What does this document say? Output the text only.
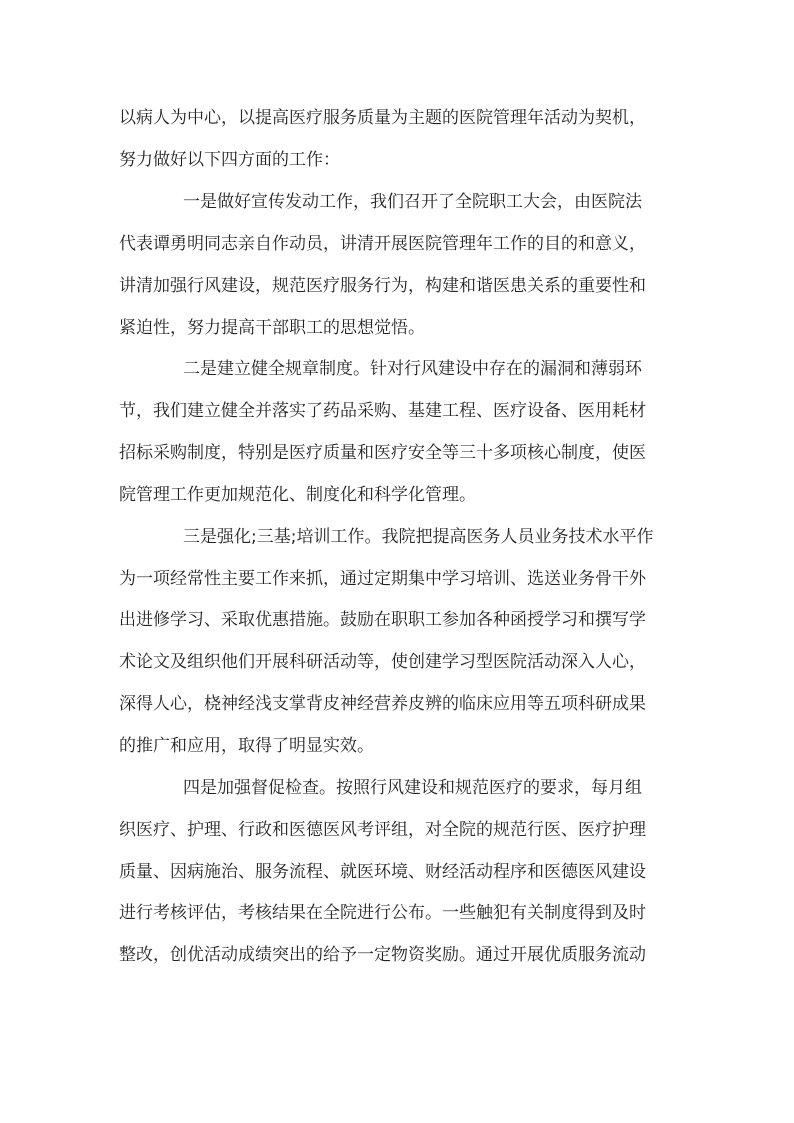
以病人为中心，以提高医疗服务质量为主题的医院管理年活动为契机，
努力做好以下四方面的工作：
一是做好宣传发动工作，我们召开了全院职工大会，由医院法
代表谭勇明同志亲自作动员，讲清开展医院管理年工作的目的和意义，
讲清加强行风建设，规范医疗服务行为，构建和谐医患关系的重要性和
紧迫性，努力提高干部职工的思想觉悟。
二是建立健全规章制度。针对行风建设中存在的漏洞和薄弱环
节，我们建立健全并落实了药品采购、基建工程、医疗设备、医用耗材
招标采购制度，特别是医疗质量和医疗安全等三十多项核心制度，使医
院管理工作更加规范化、制度化和科学化管理。
三是强化;三基;培训工作。我院把提高医务人员业务技术水平作
为一项经常性主要工作来抓，通过定期集中学习培训、选送业务骨干外
出进修学习、采取优惠措施。鼓励在职职工参加各种函授学习和撰写学
术论文及组织他们开展科研活动等，使创建学习型医院活动深入人心，
深得人心，桡神经浅支掌背皮神经营养皮辨的临床应用等五项科研成果
的推广和应用，取得了明显实效。
四是加强督促检查。按照行风建设和规范医疗的要求，每月组
织医疗、护理、行政和医德医风考评组，对全院的规范行医、医疗护理
质量、因病施治、服务流程、就医环境、财经活动程序和医德医风建设
进行考核评估，考核结果在全院进行公布。一些触犯有关制度得到及时
整改，创优活动成绩突出的给予一定物资奖励。通过开展优质服务流动
